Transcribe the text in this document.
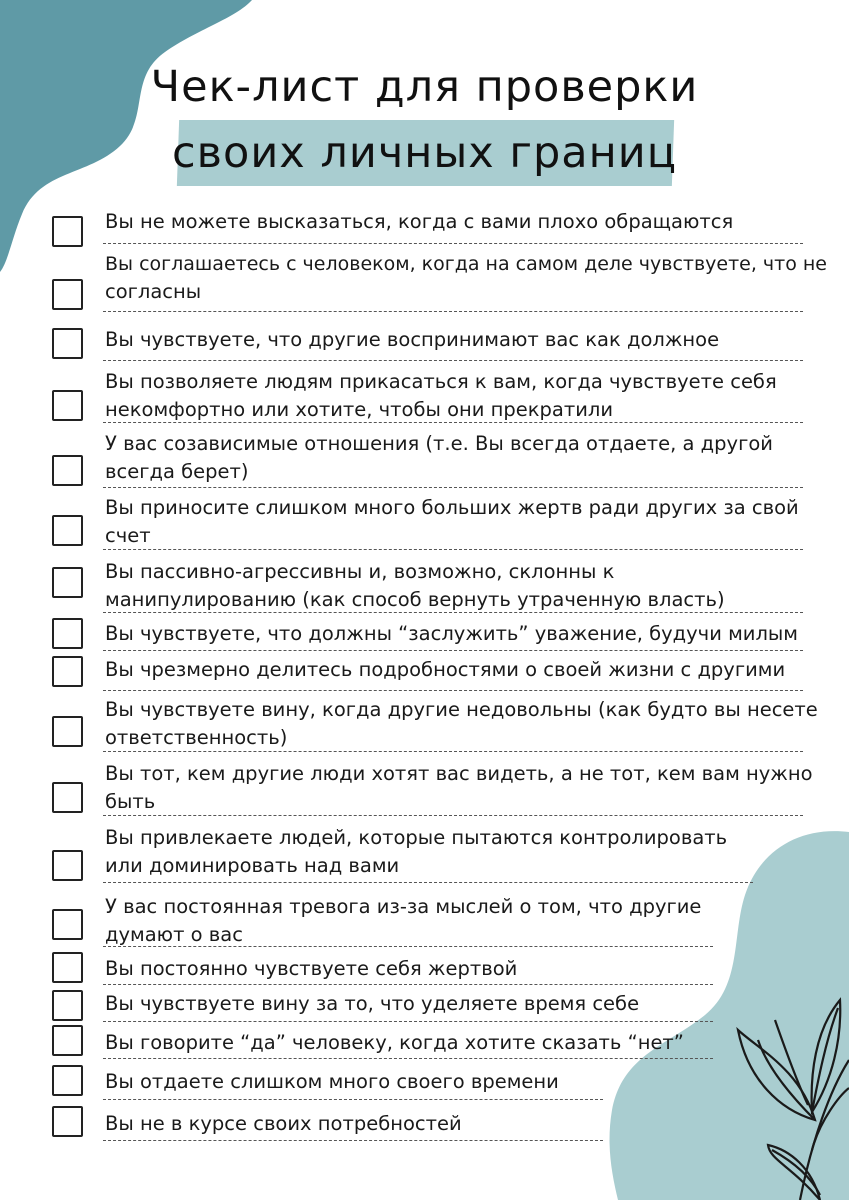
Чек-лист для проверки
своих личных границ
Вы не можете высказаться, когда с вами плохо обращаются
Вы соглашаетесь с человеком, когда на самом деле чувствуете, что не
согласны
Вы чувствуете, что другие воспринимают вас как должное
Вы позволяете людям прикасаться к вам, когда чувствуете себя
некомфортно или хотите, чтобы они прекратили
У вас созависимые отношения (т.е. Вы всегда отдаете, а другой
всегда берет)
Вы приносите слишком много больших жертв ради других за свой
счет
Вы пассивно-агрессивны и, возможно, склонны к
манипулированию (как способ вернуть утраченную власть)
Вы чувствуете, что должны “заслужить” уважение, будучи милым
Вы чрезмерно делитесь подробностями о своей жизни с другими
Вы чувствуете вину, когда другие недовольны (как будто вы несете
ответственность)
Вы тот, кем другие люди хотят вас видеть, а не тот, кем вам нужно
быть
Вы привлекаете людей, которые пытаются контролировать
или доминировать над вами
У вас постоянная тревога из-за мыслей о том, что другие
думают о вас
Вы постоянно чувствуете себя жертвой
Вы чувствуете вину за то, что уделяете время себе
Вы говорите “да” человеку, когда хотите сказать “нет”
Вы отдаете слишком много своего времени
Вы не в курсе своих потребностей
